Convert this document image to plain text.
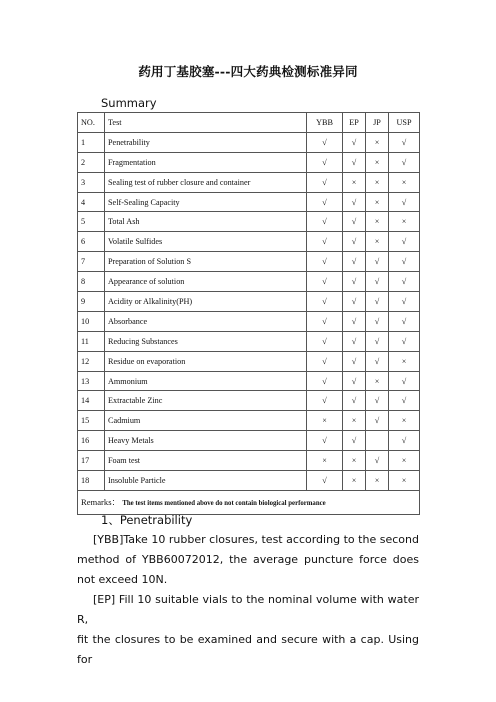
药用丁基胶塞---四大药典检测标准异同
Summary
NO.	Test	YBB	EP	JP	USP
1	Penetrability	√	√	×	√
2	Fragmentation	√	√	×	√
3	Sealing test of rubber closure and container	√	×	×	×
4	Self-Sealing Capacity	√	√	×	√
5	Total Ash	√	√	×	×
6	Volatile Sulfides	√	√	×	√
7	Preparation of Solution S	√	√	√	√
8	Appearance of solution	√	√	√	√
9	Acidity or Alkalinity(PH)	√	√	√	√
10	Absorbance	√	√	√	√
11	Reducing Substances	√	√	√	√
12	Residue on evaporation	√	√	√	×
13	Ammonium	√	√	×	√
14	Extractable Zinc	√	√	√	√
15	Cadmium	×	×	√	×
16	Heavy Metals	√	√		√
17	Foam test	×	×	√	×
18	Insoluble Particle	√	×	×	×
Remarks： The test items mentioned above do not contain biological performance					
1、Penetrability
[YBB]Take 10 rubber closures, test according to the second method of YBB60072012, the average puncture force does not exceed 10N.
[EP] Fill 10 suitable vials to the nominal volume with water R,
fit the closures to be examined and secure with a cap. Using for
